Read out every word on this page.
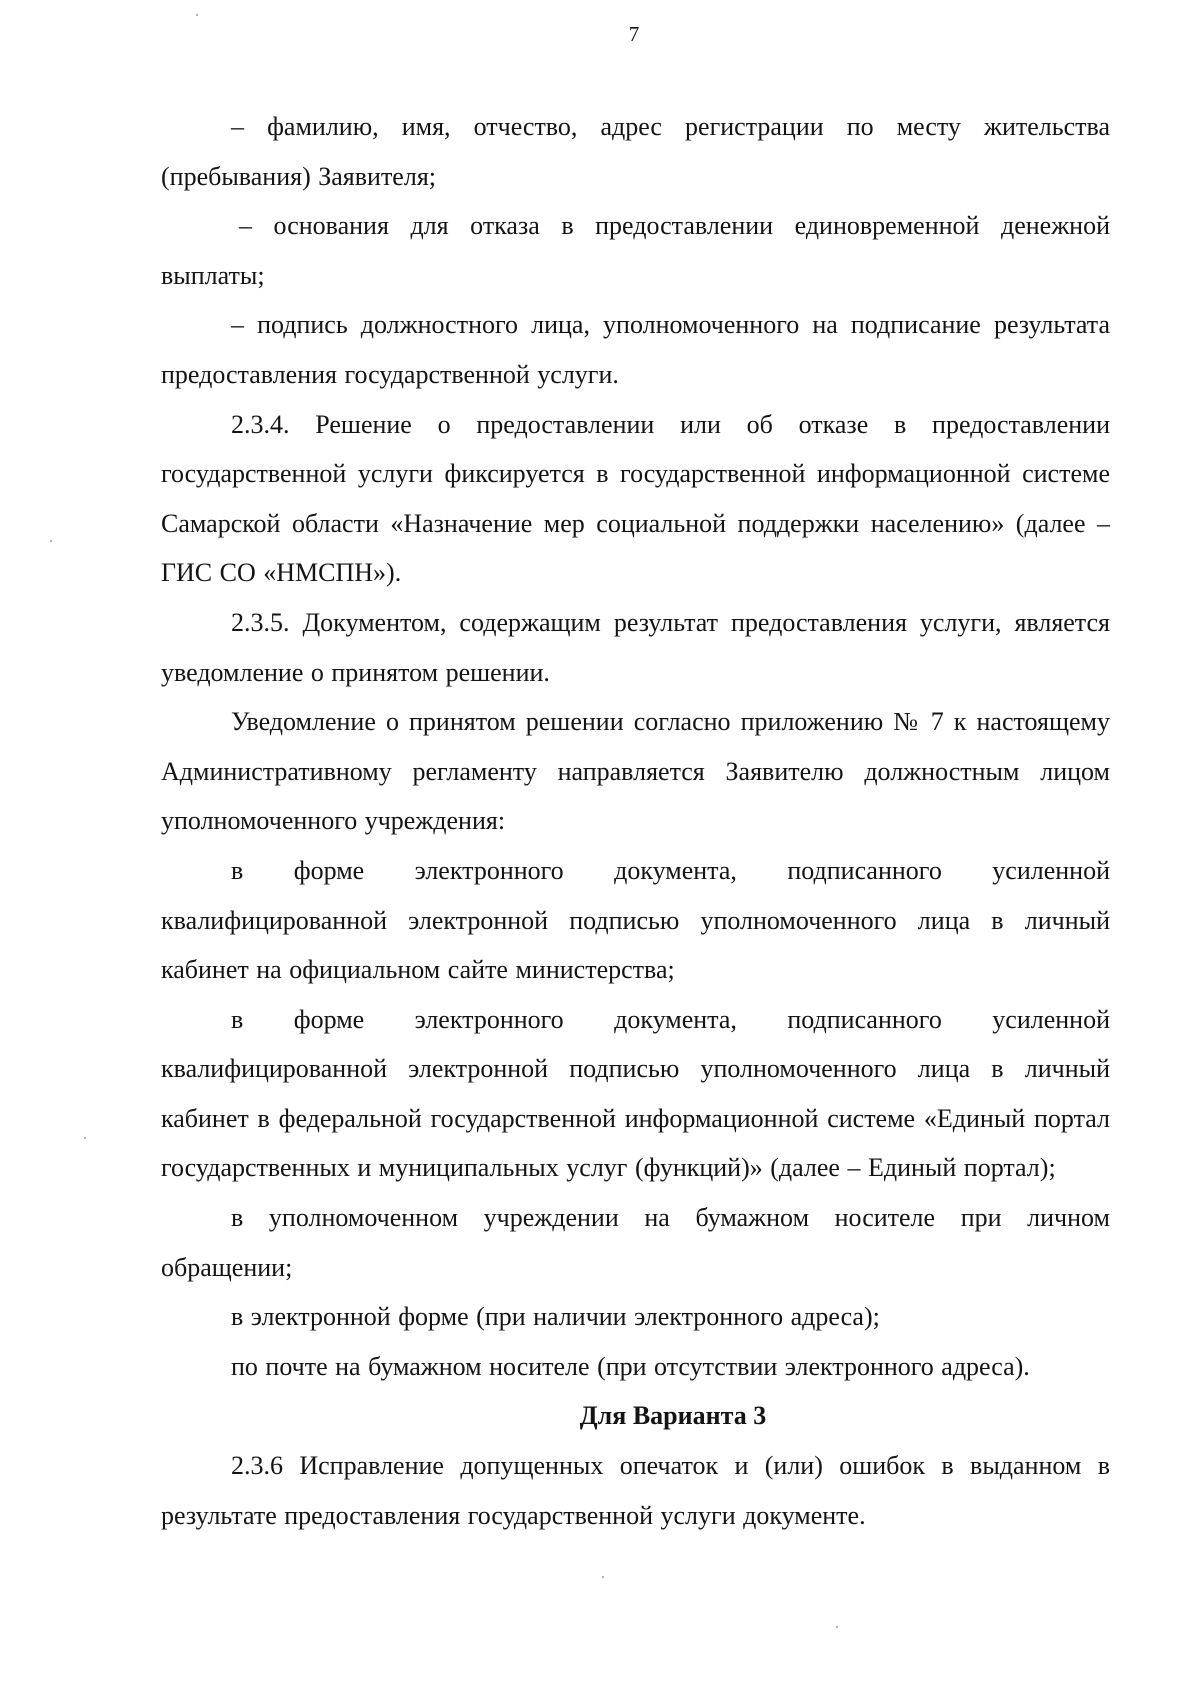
7

– фамилию, имя, отчество, адрес регистрации по месту жительства (пребывания) Заявителя;

– основания для отказа в предоставлении единовременной денежной выплаты;

– подпись должностного лица, уполномоченного на подписание результата предоставления государственной услуги.

2.3.4. Решение о предоставлении или об отказе в предоставлении государственной услуги фиксируется в государственной информационной системе Самарской области «Назначение мер социальной поддержки населению» (далее – ГИС СО «НМСПН»).

2.3.5. Документом, содержащим результат предоставления услуги, является уведомление о принятом решении.

Уведомление о принятом решении согласно приложению № 7 к настоящему Административному регламенту направляется Заявителю должностным лицом уполномоченного учреждения:

в форме электронного документа, подписанного усиленной квалифицированной электронной подписью уполномоченного лица в личный кабинет на официальном сайте министерства;

в форме электронного документа, подписанного усиленной квалифицированной электронной подписью уполномоченного лица в личный кабинет в федеральной государственной информационной системе «Единый портал государственных и муниципальных услуг (функций)» (далее – Единый портал);

в уполномоченном учреждении на бумажном носителе при личном обращении;

в электронной форме (при наличии электронного адреса);

по почте на бумажном носителе (при отсутствии электронного адреса).

Для Варианта 3

2.3.6 Исправление допущенных опечаток и (или) ошибок в выданном в результате предоставления государственной услуги документе.
